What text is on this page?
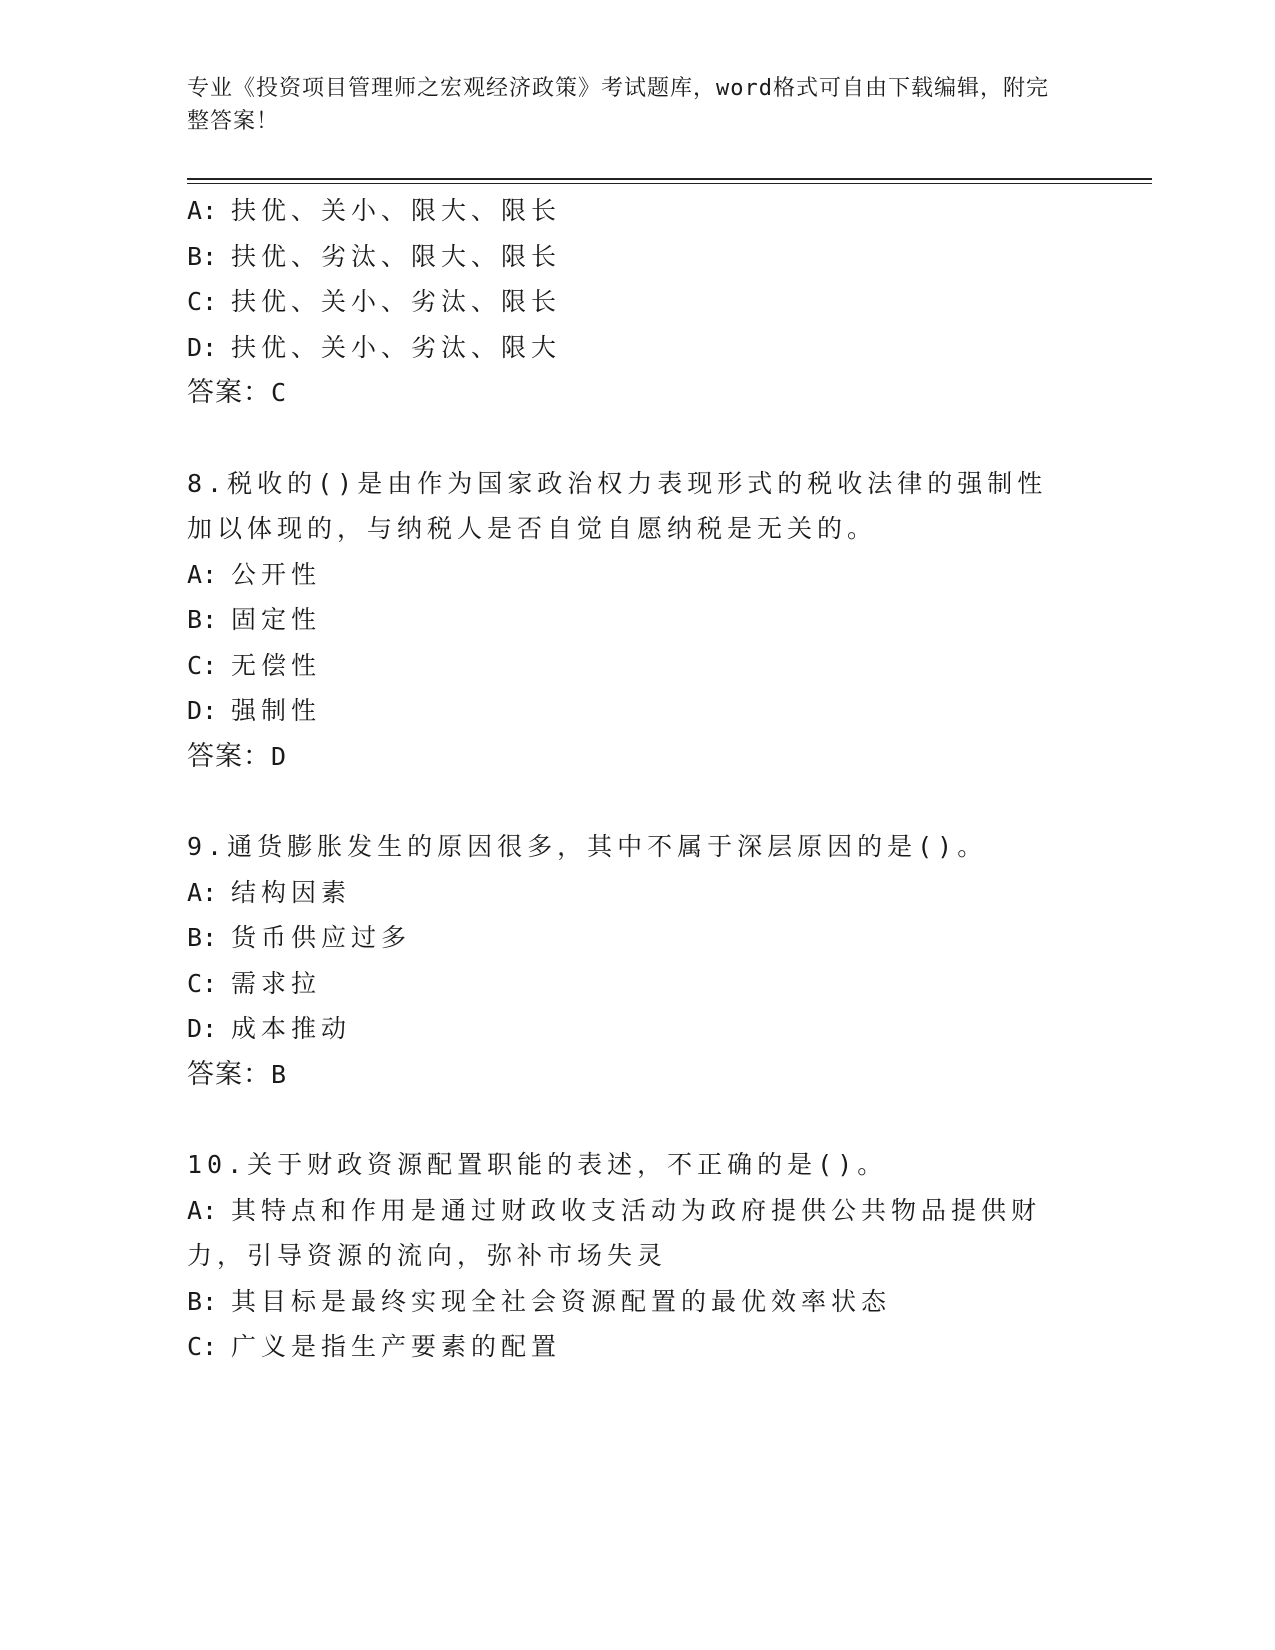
专业《投资项目管理师之宏观经济政策》考试题库，word格式可自由下载编辑，附完整答案！
A: 扶优、关小、限大、限长
B: 扶优、劣汰、限大、限长
C: 扶优、关小、劣汰、限长
D: 扶优、关小、劣汰、限大
答案：C
8.税收的()是由作为国家政治权力表现形式的税收法律的强制性加以体现的，与纳税人是否自觉自愿纳税是无关的。
A: 公开性
B: 固定性
C: 无偿性
D: 强制性
答案：D
9.通货膨胀发生的原因很多，其中不属于深层原因的是()。
A: 结构因素
B: 货币供应过多
C: 需求拉
D: 成本推动
答案：B
10.关于财政资源配置职能的表述，不正确的是()。
A: 其特点和作用是通过财政收支活动为政府提供公共物品提供财力，引导资源的流向，弥补市场失灵
B: 其目标是最终实现全社会资源配置的最优效率状态
C: 广义是指生产要素的配置
